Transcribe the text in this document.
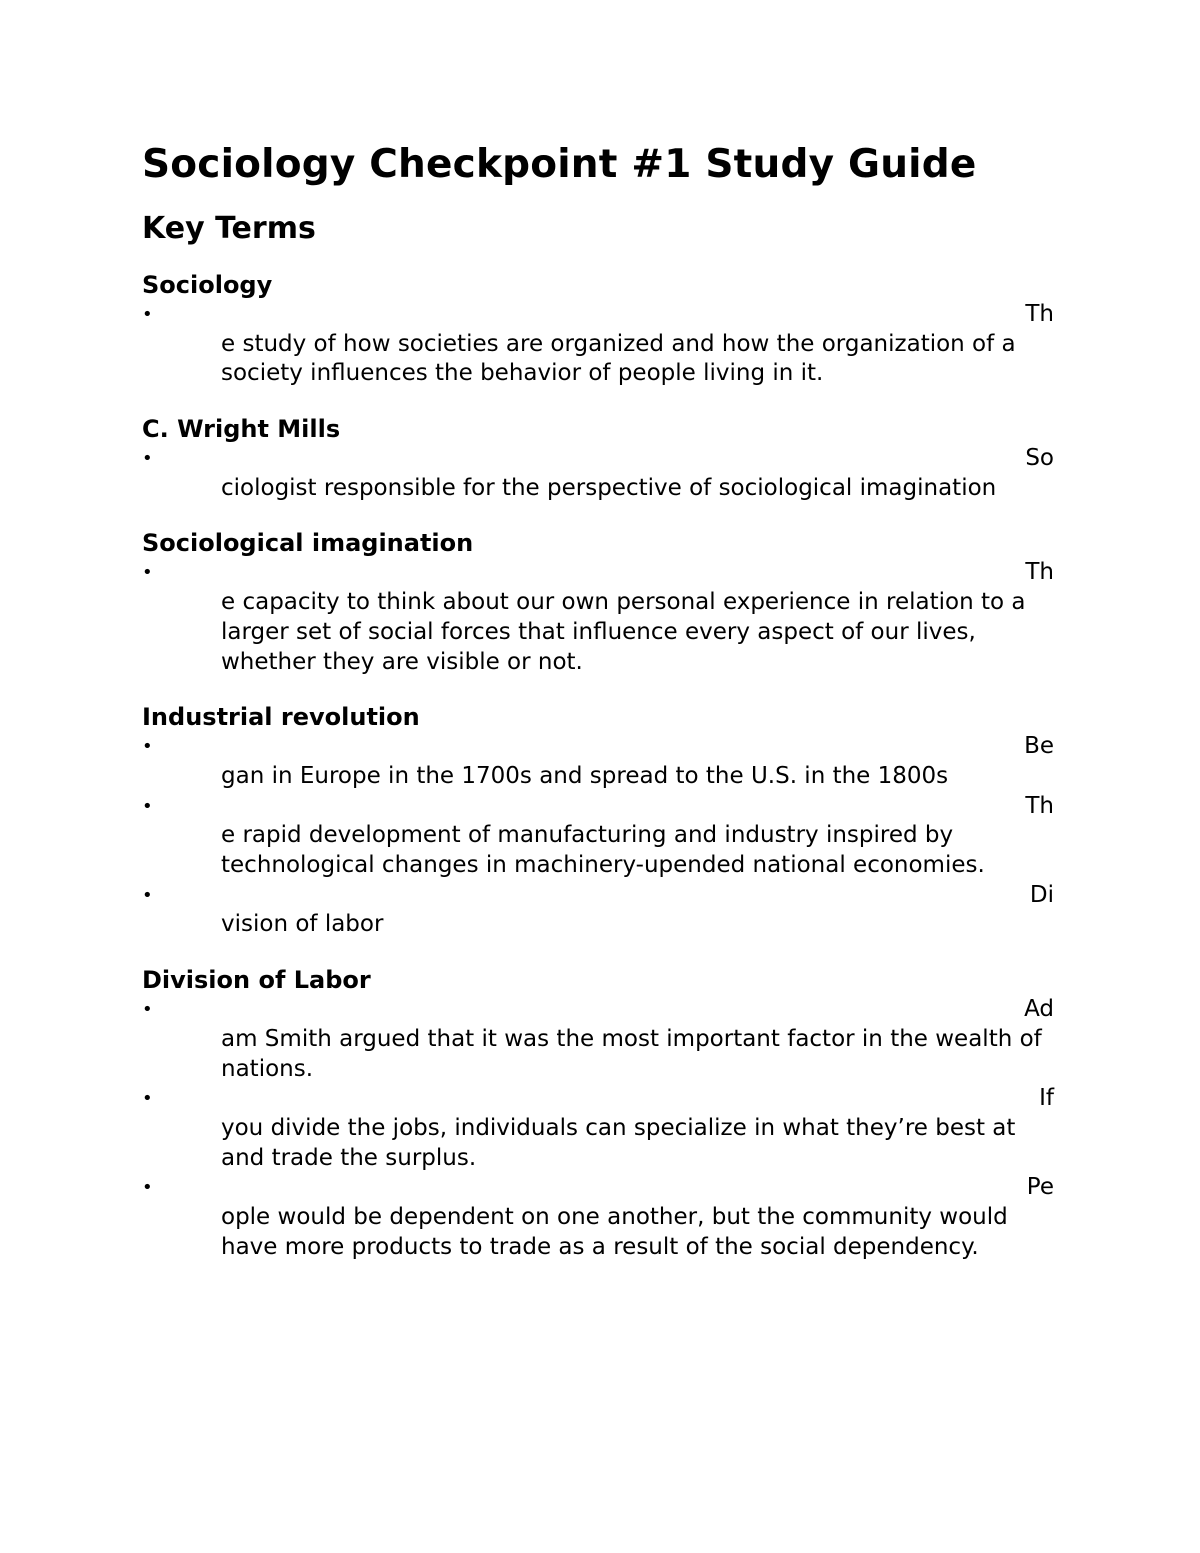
Sociology Checkpoint #1 Study Guide
Key Terms
Sociology
•	Th
e study of how societies are organized and how the organization of a society influences the behavior of people living in it.
C. Wright Mills
•	So
ciologist responsible for the perspective of sociological imagination
Sociological imagination
•	Th
e capacity to think about our own personal experience in relation to a larger set of social forces that influence every aspect of our lives, whether they are visible or not.
Industrial revolution
•	Be
gan in Europe in the 1700s and spread to the U.S. in the 1800s
•	Th
e rapid development of manufacturing and industry inspired by technological changes in machinery-upended national economies.
•	Di
vision of labor
Division of Labor
•	Ad
am Smith argued that it was the most important factor in the wealth of nations.
•	If
you divide the jobs, individuals can specialize in what they’re best at and trade the surplus.
•	Pe
ople would be dependent on one another, but the community would have more products to trade as a result of the social dependency.
